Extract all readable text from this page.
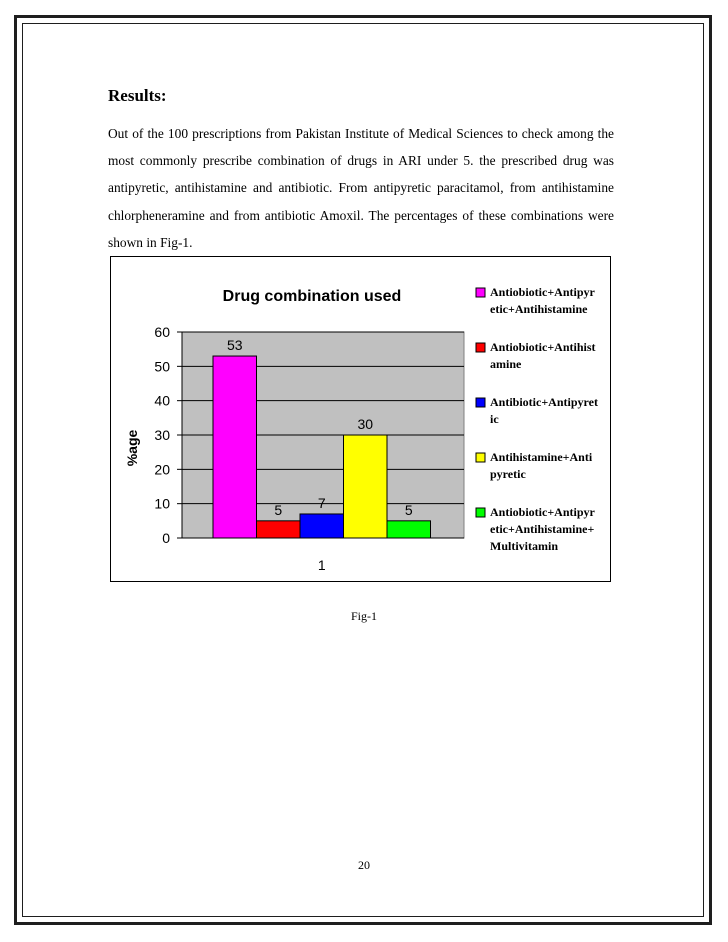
Results:

Out of the 100 prescriptions from Pakistan Institute of Medical Sciences to check among the most commonly prescribe combination of drugs in ARI under 5. the prescribed drug was antipyretic, antihistamine and antibiotic. From antipyretic paracitamol, from antihistamine chlorpheneramine and from antibiotic Amoxil. The percentages of these combinations were shown in Fig-1.

0
10
20
30
40
50
60
53
5	7
30
5
1
Drug combination used
%age
Antiobiotic+Antipyr
etic+Antihistamine
Antiobiotic+Antihist
amine
Antibiotic+Antipyret
ic
Antihistamine+Anti
pyretic
Antiobiotic+Antipyr
etic+Antihistamine+
Multivitamin
Fig-1
20
